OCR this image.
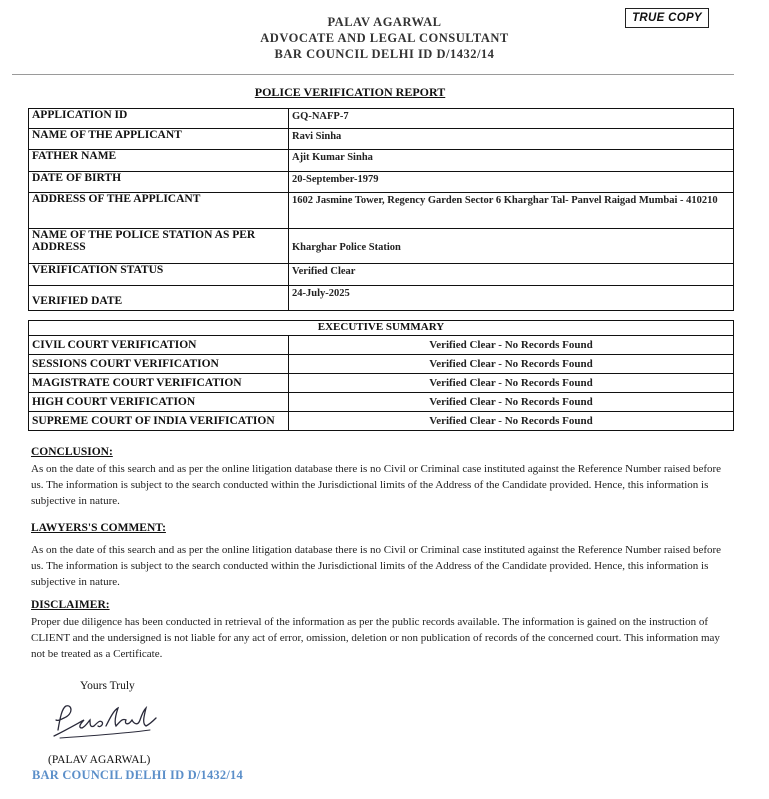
TRUE COPY
PALAV AGARWAL
ADVOCATE AND LEGAL CONSULTANT
BAR COUNCIL DELHI ID D/1432/14
POLICE VERIFICATION REPORT
APPLICATION ID	GQ-NAFP-7
NAME OF THE APPLICANT	Ravi Sinha
FATHER NAME	Ajit Kumar Sinha
DATE OF BIRTH	20-September-1979
ADDRESS OF THE APPLICANT	1602 Jasmine Tower, Regency Garden Sector 6 Kharghar Tal- Panvel Raigad Mumbai - 410210
NAME OF THE POLICE STATION AS PER ADDRESS	Kharghar Police Station
VERIFICATION STATUS	Verified Clear
VERIFIED DATE	24-July-2025
EXECUTIVE SUMMARY	
CIVIL COURT VERIFICATION	Verified Clear - No Records Found
SESSIONS COURT VERIFICATION	Verified Clear - No Records Found
MAGISTRATE COURT VERIFICATION	Verified Clear - No Records Found
HIGH COURT VERIFICATION	Verified Clear - No Records Found
SUPREME COURT OF INDIA VERIFICATION	Verified Clear - No Records Found
CONCLUSION:
As on the date of this search and as per the online litigation database there is no Civil or Criminal case instituted against the Reference Number raised before us. The information is subject to the search conducted within the Jurisdictional limits of the Address of the Candidate provided. Hence, this information is subjective in nature.
LAWYERS'S COMMENT:
As on the date of this search and as per the online litigation database there is no Civil or Criminal case instituted against the Reference Number raised before us. The information is subject to the search conducted within the Jurisdictional limits of the Address of the Candidate provided. Hence, this information is subjective in nature.
DISCLAIMER:
Proper due diligence has been conducted in retrieval of the information as per the public records available. The information is gained on the instruction of CLIENT and the undersigned is not liable for any act of error, omission, deletion or non publication of records of the concerned court. This information may not be treated as a Certificate.
Yours Truly
(PALAV AGARWAL)
BAR COUNCIL DELHI ID D/1432/14
